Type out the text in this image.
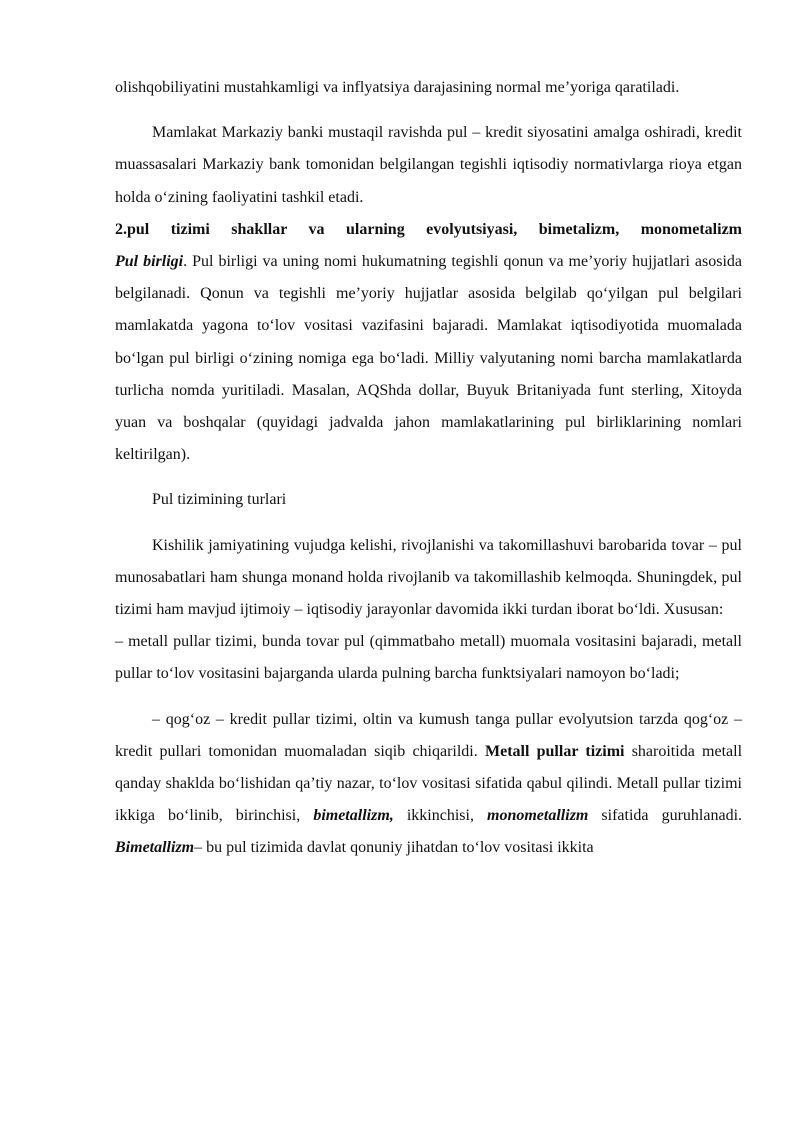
olishqobiliyatini mustahkamligi va inflyatsiya darajasining normal me’yoriga qaratiladi.

Mamlakat Markaziy banki mustaqil ravishda pul – kredit siyosatini amalga oshiradi, kredit muassasalari Markaziy bank tomonidan belgilangan tegishli iqtisodiy normativlarga rioya etgan holda o‘zining faoliyatini tashkil etadi.
2.pul tizimi shakllar va ularning evolyutsiyasi, bimetalizm, monometalizm
Pul birligi. Pul birligi va uning nomi hukumatning tegishli qonun va me’yoriy hujjatlari asosida belgilanadi. Qonun va tegishli me’yoriy hujjatlar asosida belgilab qo‘yilgan pul belgilari mamlakatda yagona to‘lov vositasi vazifasini bajaradi. Mamlakat iqtisodiyotida muomalada bo‘lgan pul birligi o‘zining nomiga ega bo‘ladi. Milliy valyutaning nomi barcha mamlakatlarda turlicha nomda yuritiladi. Masalan, AQShda dollar, Buyuk Britaniyada funt sterling, Xitoyda yuan va boshqalar (quyidagi jadvalda jahon mamlakatlarining pul birliklarining nomlari keltirilgan).

Pul tizimining turlari

Kishilik jamiyatining vujudga kelishi, rivojlanishi va takomillashuvi barobarida tovar – pul munosabatlari ham shunga monand holda rivojlanib va takomillashib kelmoqda. Shuningdek, pul tizimi ham mavjud ijtimoiy – iqtisodiy jarayonlar davomida ikki turdan iborat bo‘ldi. Xususan:
– metall pullar tizimi, bunda tovar pul (qimmatbaho metall) muomala vositasini bajaradi, metall pullar to‘lov vositasini bajarganda ularda pulning barcha funktsiyalari namoyon bo‘ladi;

– qog‘oz – kredit pullar tizimi, oltin va kumush tanga pullar evolyutsion tarzda qog‘oz – kredit pullari tomonidan muomaladan siqib chiqarildi. Metall pullar tizimi sharoitida metall qanday shaklda bo‘lishidan qa’tiy nazar, to‘lov vositasi sifatida qabul qilindi. Metall pullar tizimi ikkiga bo‘linib, birinchisi, bimetallizm, ikkinchisi, monometallizm sifatida guruhlanadi. Bimetallizm– bu pul tizimida davlat qonuniy jihatdan to‘lov vositasi ikkita
